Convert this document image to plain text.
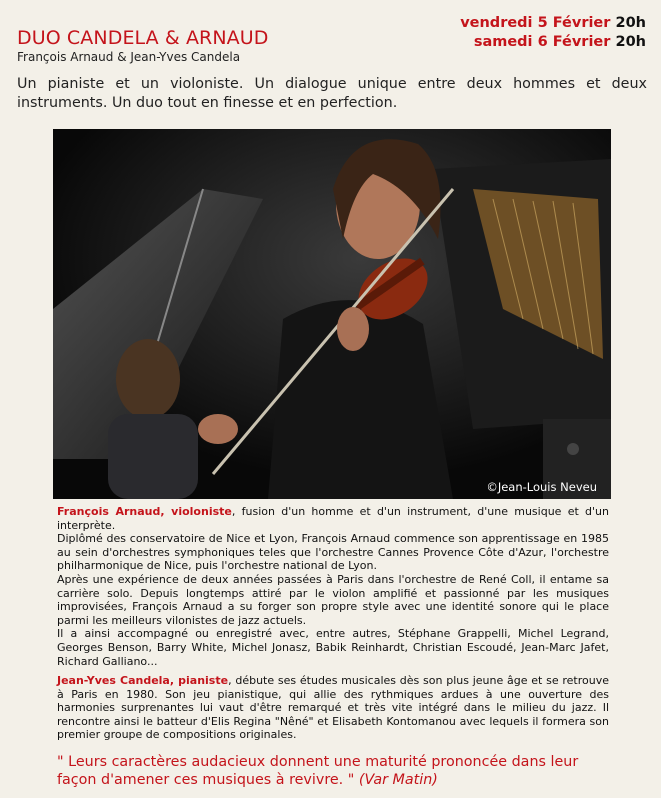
DUO CANDELA & ARNAUD
François Arnaud & Jean-Yves Candela
vendredi 5 Février 20h
samedi 6 Février 20h

Un pianiste et un violoniste. Un dialogue unique entre deux hommes et deux instruments. Un duo tout en finesse et en perfection.

©Jean-Louis Neveu
François Arnaud, violoniste, fusion d'un homme et d'un instrument, d'une musique et d'un interprète.
Diplômé des conservatoire de Nice et Lyon, François Arnaud commence son apprentissage en 1985 au sein d'orchestres symphoniques teles que l'orchestre Cannes Provence Côte d'Azur, l'orchestre philharmonique de Nice, puis l'orchestre national de Lyon.
Après une expérience de deux années passées à Paris dans l'orchestre de René Coll, il entame sa carrière solo. Depuis longtemps attiré par le violon amplifié et passionné par les musiques improvisées, François Arnaud a su forger son propre style avec une identité sonore qui le place parmi les meilleurs vilonistes de jazz actuels.
Il a ainsi accompagné ou enregistré avec, entre autres, Stéphane Grappelli, Michel Legrand, Georges Benson, Barry White, Michel Jonasz, Babik Reinhardt, Christian Escoudé, Jean-Marc Jafet, Richard Galliano...
Jean-Yves Candela, pianiste, débute ses études musicales dès son plus jeune âge et se retrouve à Paris en 1980. Son jeu pianistique, qui allie des rythmiques ardues à une ouverture des harmonies surprenantes lui vaut d'être remarqué et très vite intégré dans le milieu du jazz. Il rencontre ainsi le batteur d'Elis Regina "Nêné" et Elisabeth Kontomanou avec lequels il formera son premier groupe de compositions originales.

" Leurs caractères audacieux donnent une maturité prononcée dans leur façon d'amener ces musiques à revivre. " (Var Matin)
